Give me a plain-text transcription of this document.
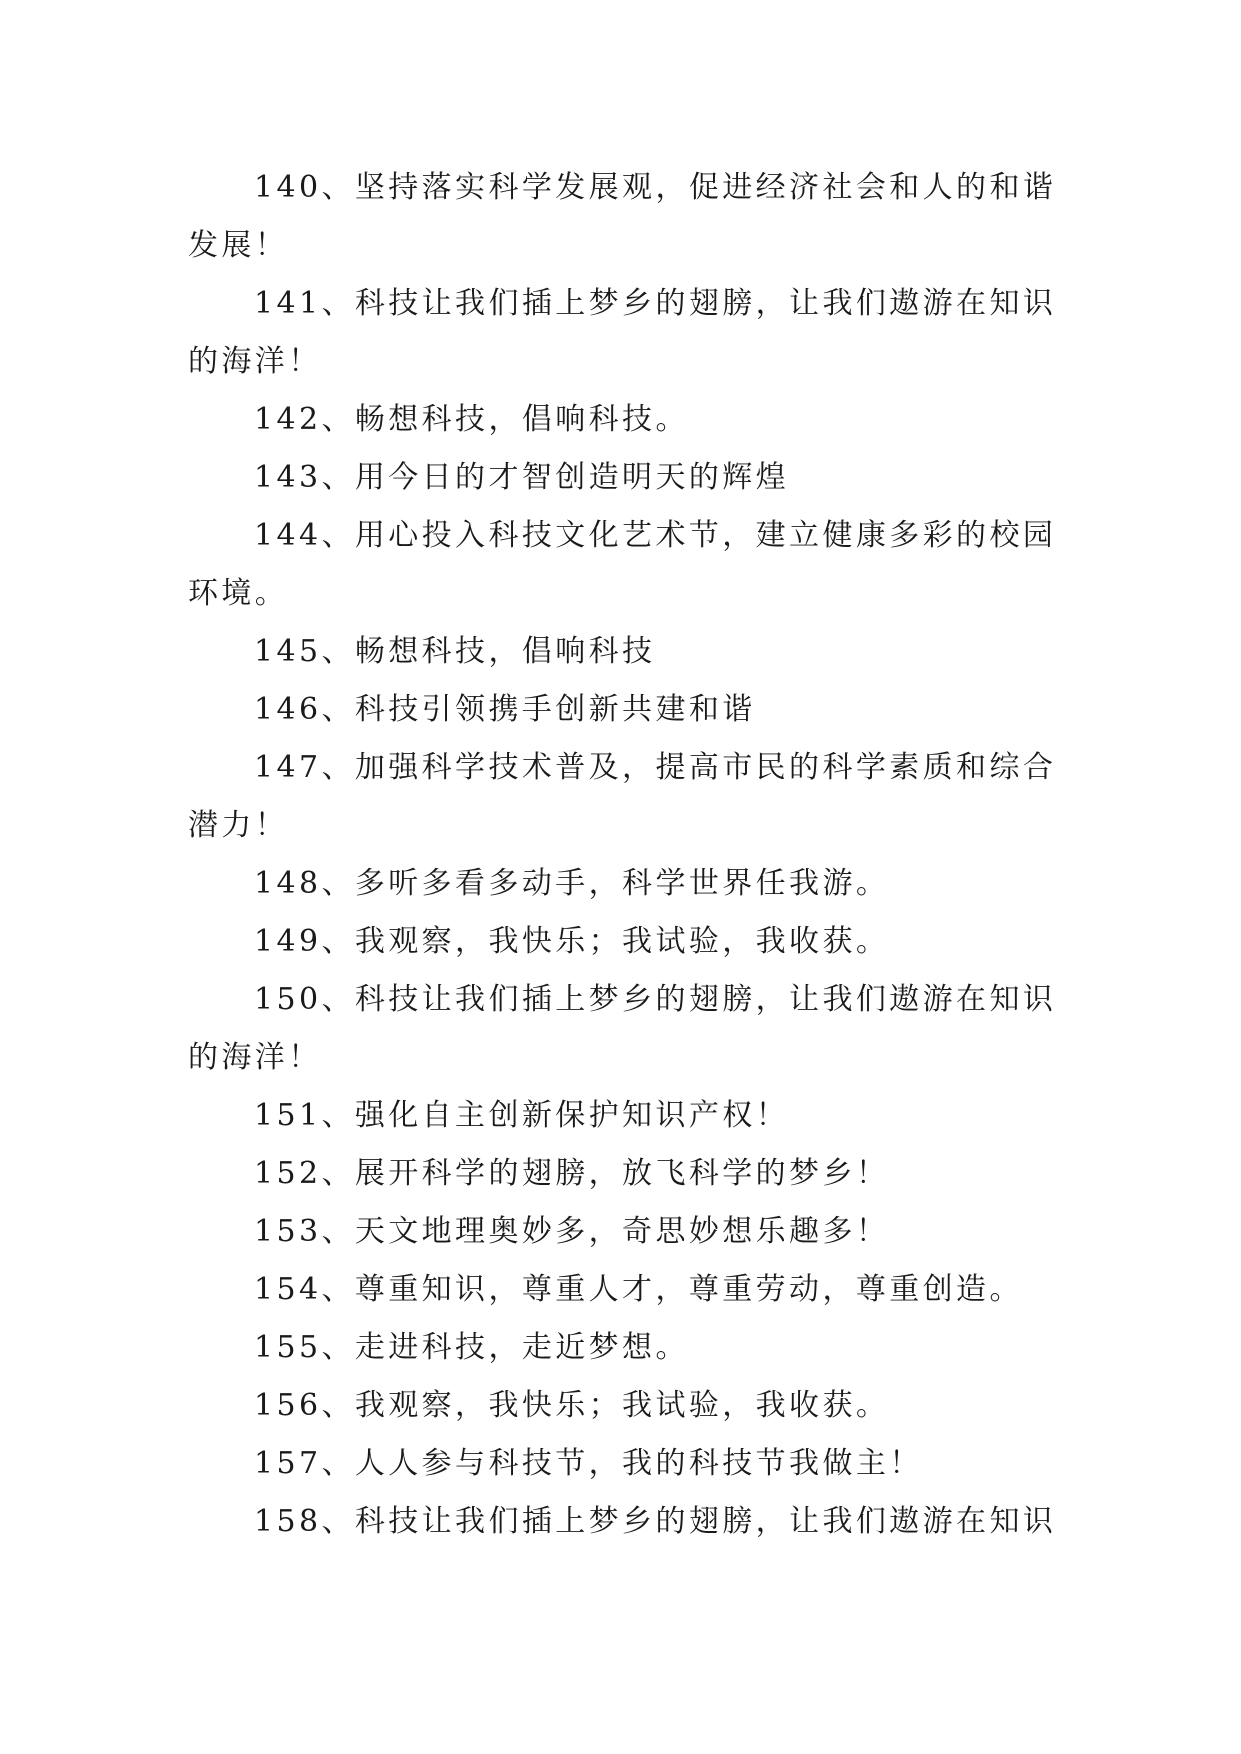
140、坚持落实科学发展观，促进经济社会和人的和谐发展！

141、科技让我们插上梦乡的翅膀，让我们遨游在知识的海洋！

142、畅想科技，倡响科技。

143、用今日的才智创造明天的辉煌

144、用心投入科技文化艺术节，建立健康多彩的校园环境。

145、畅想科技，倡响科技

146、科技引领携手创新共建和谐

147、加强科学技术普及，提高市民的科学素质和综合潜力！

148、多听多看多动手，科学世界任我游。

149、我观察，我快乐；我试验，我收获。

150、科技让我们插上梦乡的翅膀，让我们遨游在知识的海洋！

151、强化自主创新保护知识产权！

152、展开科学的翅膀，放飞科学的梦乡！

153、天文地理奥妙多，奇思妙想乐趣多！

154、尊重知识，尊重人才，尊重劳动，尊重创造。

155、走进科技，走近梦想。

156、我观察，我快乐；我试验，我收获。

157、人人参与科技节，我的科技节我做主！

158、科技让我们插上梦乡的翅膀，让我们遨游在知识
